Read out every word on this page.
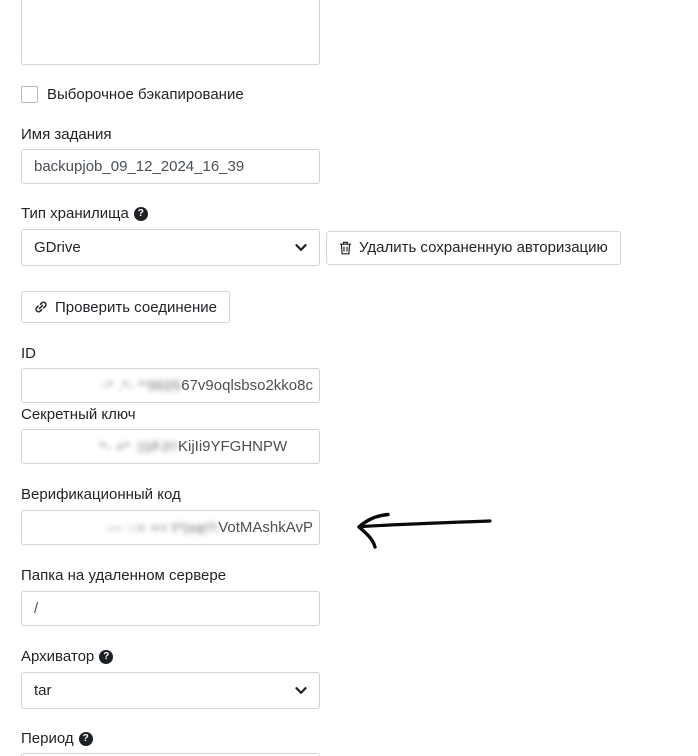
Выборочное бэкапирование
Имя задания
backupjob_09_12_2024_16_39
Тип хранилища ?
GDrive	Удалить сохраненную авторизацию
Проверить соединение
ID
-* .*- *'0025 67v9oqlsbso2kko8c
Секретный ключ
*- +* :|1FJ!! KijIi9YFGHNPW
Верификационный код
--- :-= += t*(xq!!! VotMAshkAvP
Папка на удаленном сервере
/
Архиватор ?
tar
Период ?
